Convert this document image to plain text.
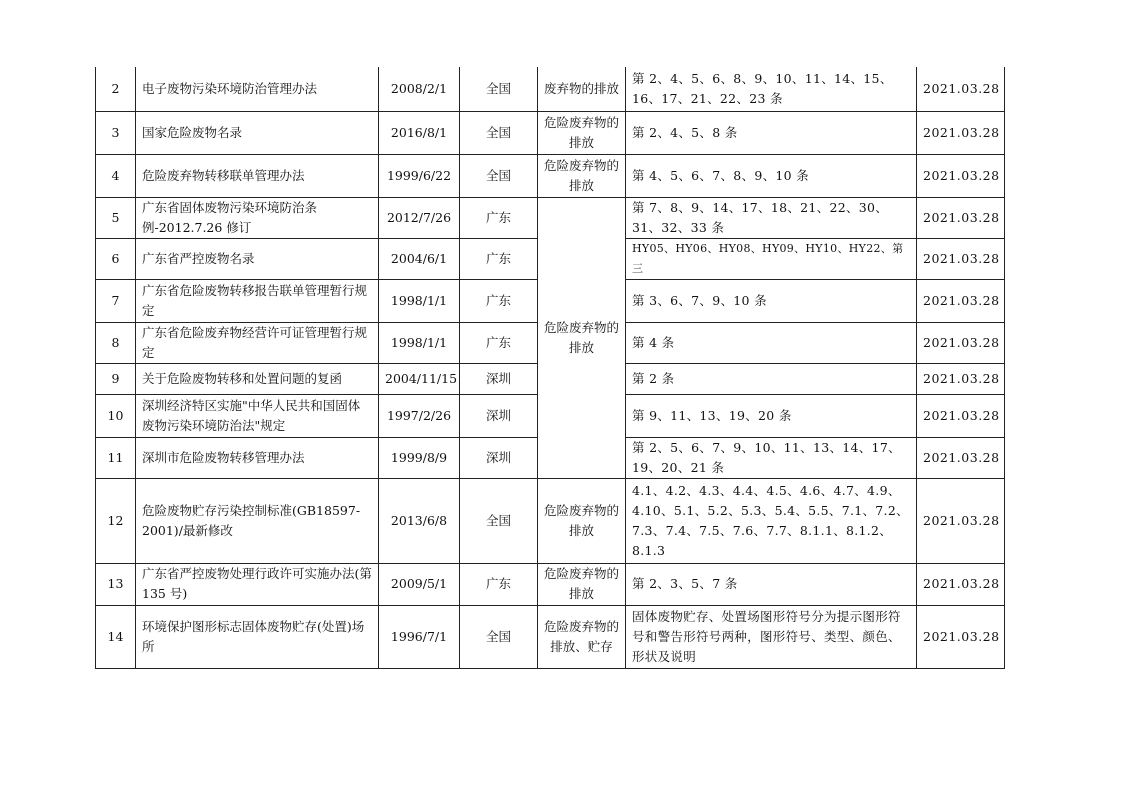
2	电子废物污染环境防治管理办法	2008/2/1	全国	废弃物的排放	第 2、4、5、6、8、9、10、11、14、15、16、17、21、22、23 条	2021.03.28
3	国家危险废物名录	2016/8/1	全国	危险废弃物的排放	第 2、4、5、8 条	2021.03.28
4	危险废弃物转移联单管理办法	1999/6/22	全国	危险废弃物的排放	第 4、5、6、7、8、9、10 条	2021.03.28
5	广东省固体废物污染环境防治条例-2012.7.26 修订	2012/7/26	广东	危险废弃物的排放	第 7、8、9、14、17、18、21、22、30、31、32、33 条	2021.03.28
6	广东省严控废物名录	2004/6/1	广东		HY05、HY06、HY08、HY09、HY10、HY22、第三	2021.03.28
7	广东省危险废物转移报告联单管理暂行规定	1998/1/1	广东		第 3、6、7、9、10 条	2021.03.28
8	广东省危险废弃物经营许可证管理暂行规定	1998/1/1	广东		第 4 条	2021.03.28
9	关于危险废物转移和处置问题的复函	2004/11/15	深圳		第 2 条	2021.03.28
10	深圳经济特区实施"中华人民共和国固体废物污染环境防治法"规定	1997/2/26	深圳		第 9、11、13、19、20 条	2021.03.28
11	深圳市危险废物转移管理办法	1999/8/9	深圳		第 2、5、6、7、9、10、11、13、14、17、19、20、21 条	2021.03.28
12	危险废物贮存污染控制标准(GB18597-2001)/最新修改	2013/6/8	全国	危险废弃物的排放	4.1、4.2、4.3、4.4、4.5、4.6、4.7、4.9、4.10、5.1、5.2、5.3、5.4、5.5、7.1、7.2、7.3、7.4、7.5、7.6、7.7、8.1.1、8.1.2、8.1.3	2021.03.28
13	广东省严控废物处理行政许可实施办法(第 135 号)	2009/5/1	广东	危险废弃物的排放	第 2、3、5、7 条	2021.03.28
14	环境保护图形标志固体废物贮存(处置)场所	1996/7/1	全国	危险废弃物的排放、贮存	固体废物贮存、处置场图形符号分为提示图形符号和警告形符号两种，图形符号、类型、颜色、形状及说明	2021.03.28
